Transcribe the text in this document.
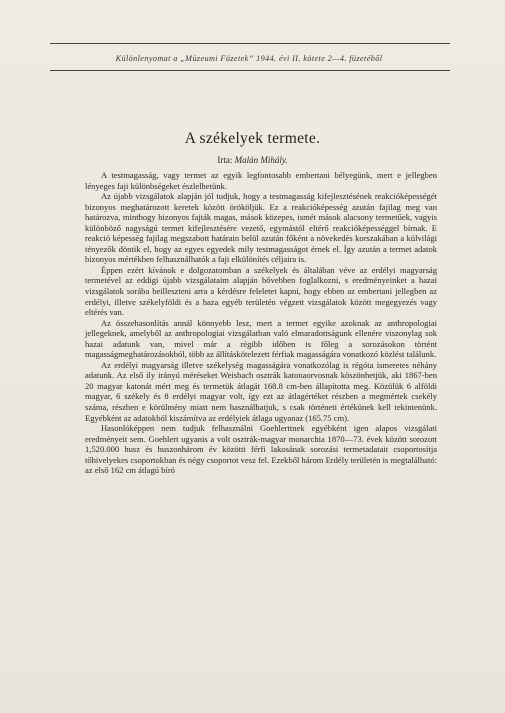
Különlenyomat a „Múzeumi Füzetek” 1944. évi II. kötete 2—4. füzetéből
A székelyek termete.
Irta: Malán Mihály.

A testmagasság, vagy termet az egyik legfontosabb embertani bélyegünk, mert e jellegben lényeges faji különbségeket észlelhetünk.

Az újabb vizsgálatok alapján jól tudjuk, hogy a testmagasság kifejlesztésének reakcióképességét bizonyos meghatározott keretek között örököljük. Ez a reakcióképesség azután fajilag meg van határozva, minthogy bizonyos fajták magas, mások közepes, ismét mások alacsony termetűek, vagyis különböző nagyságú termet kifejlesztésére vezető, egymástól eltérő reakcióképességgel bírnak. E reakció képesség fajilag megszabott határain belül azután főként a növekedés korszakában a külvilági tényezők döntik el, hogy az egyes egyedek mily testmagasságot érnek el. Így azután a termet adatok bizonyos mértékben felhasználhatók a faji elkülönítés céljaira is.

Éppen ezért kívánok e dolgozatomban a székelyek és általában véve az erdélyi magyarság termetével az eddigi újabb vizsgálataim alapján bővebben foglalkozni, s eredményeinket a hazai vizsgálatok sorába beilleszteni arra a kérdésre feleletet kapni, hogy ebben az embertani jellegben az erdélyi, illetve székelyföldi és a haza egyéb területén végzett vizsgálatok között megegyezés vagy eltérés van.

Az összehasonlítás annál könnyebb lesz, mert a termet egyike azoknak az anthropologiai jellegeknek, amelyből az anthropologiai vizsgálatban való elmaradottságunk ellenére viszonylag sok hazai adatunk van, mivel már a régibb időben is főleg a sorozásokon történt magasságmeghatározásokból, több az állításkötelezett férfiak magasságára vonatkozó közlést találunk.

Az erdélyi magyarság illetve székelység magasságára vonatkozólag is régóta ismeretes néhány adatunk. Az első ily irányú méréseket Weisbach osztrák katonaorvosnak köszönhetjük, aki 1867-ben 20 magyar katonát mért meg és termetük átlagát 168.8 cm-ben állapította meg. Közülük 6 alföldi magyar, 6 székely és 8 erdélyi magyar volt, így ezt az átlagértéket részben a megmértek csekély száma, részben e körülmény miatt nem használhatjuk, s csak történeti értékünek kell tekintenünk. Egyébként az adatokból kiszámítva az erdélyiek átlaga ugyanaz (165.75 cm).

Hasonlóképpen nem tudjuk felhasználni Goehlerttnek egyébként igen alapos vizsgálati eredményeit sem. Goehlert ugyanis a volt osztrák-magyar monarchia 1870—73. évek között sorozott 1,520.000 husz és huszonhárom év közötti férfi lakosának sorozási termetadatait csoportosítja tőhivelyekes csoportokban és négy csoportot vesz fel. Ezekből három Erdély területén is megtalálható: az első 162 cm átlagú bíró
